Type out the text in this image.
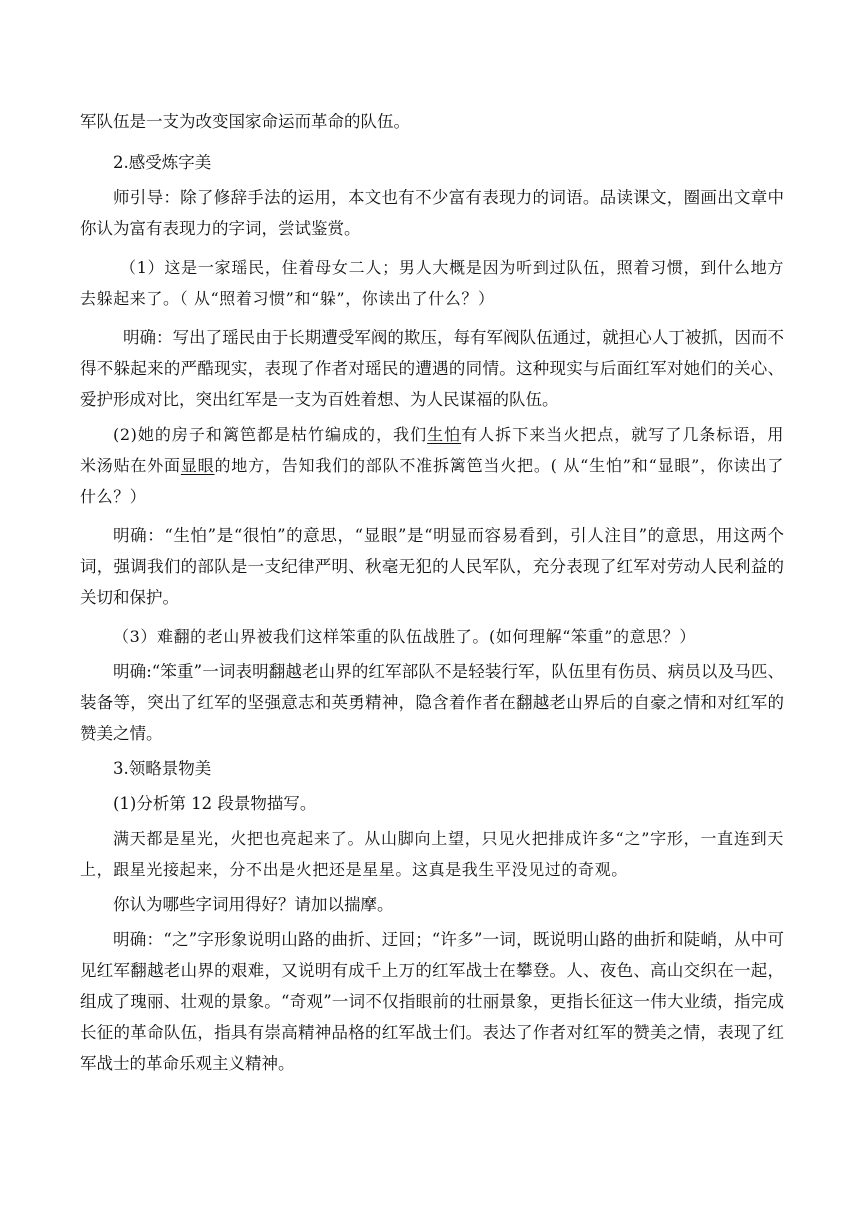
军队伍是一支为改变国家命运而革命的队伍。

2.感受炼字美

师引导：除了修辞手法的运用，本文也有不少富有表现力的词语。品读课文，圈画出文章中你认为富有表现力的字词，尝试鉴赏。

（1）这是一家瑶民，住着母女二人；男人大概是因为听到过队伍，照着习惯，到什么地方去躲起来了。（ 从“照着习惯”和“躲”，你读出了什么？）

明确：写出了瑶民由于长期遭受军阀的欺压，每有军阀队伍通过，就担心人丁被抓，因而不得不躲起来的严酷现实，表现了作者对瑶民的遭遇的同情。这种现实与后面红军对她们的关心、爱护形成对比，突出红军是一支为百姓着想、为人民谋福的队伍。

(2)她的房子和篱笆都是枯竹编成的，我们生怕有人拆下来当火把点，就写了几条标语，用米汤贴在外面显眼的地方，告知我们的部队不准拆篱笆当火把。( 从“生怕”和“显眼”，你读出了什么？）

明确：“生怕”是“很怕”的意思，“显眼”是“明显而容易看到，引人注目”的意思，用这两个词，强调我们的部队是一支纪律严明、秋毫无犯的人民军队，充分表现了红军对劳动人民利益的关切和保护。

（3）难翻的老山界被我们这样笨重的队伍战胜了。(如何理解“笨重”的意思？）

明确:“笨重”一词表明翻越老山界的红军部队不是轻装行军，队伍里有伤员、病员以及马匹、装备等，突出了红军的坚强意志和英勇精神，隐含着作者在翻越老山界后的自豪之情和对红军的赞美之情。

3.领略景物美

(1)分析第 12 段景物描写。

满天都是星光，火把也亮起来了。从山脚向上望，只见火把排成许多“之”字形，一直连到天上，跟星光接起来，分不出是火把还是星星。这真是我生平没见过的奇观。

你认为哪些字词用得好？请加以揣摩。

明确：“之”字形象说明山路的曲折、迂回；“许多”一词，既说明山路的曲折和陡峭，从中可见红军翻越老山界的艰难，又说明有成千上万的红军战士在攀登。人、夜色、高山交织在一起，组成了瑰丽、壮观的景象。“奇观”一词不仅指眼前的壮丽景象，更指长征这一伟大业绩，指完成长征的革命队伍，指具有崇高精神品格的红军战士们。表达了作者对红军的赞美之情，表现了红军战士的革命乐观主义精神。
